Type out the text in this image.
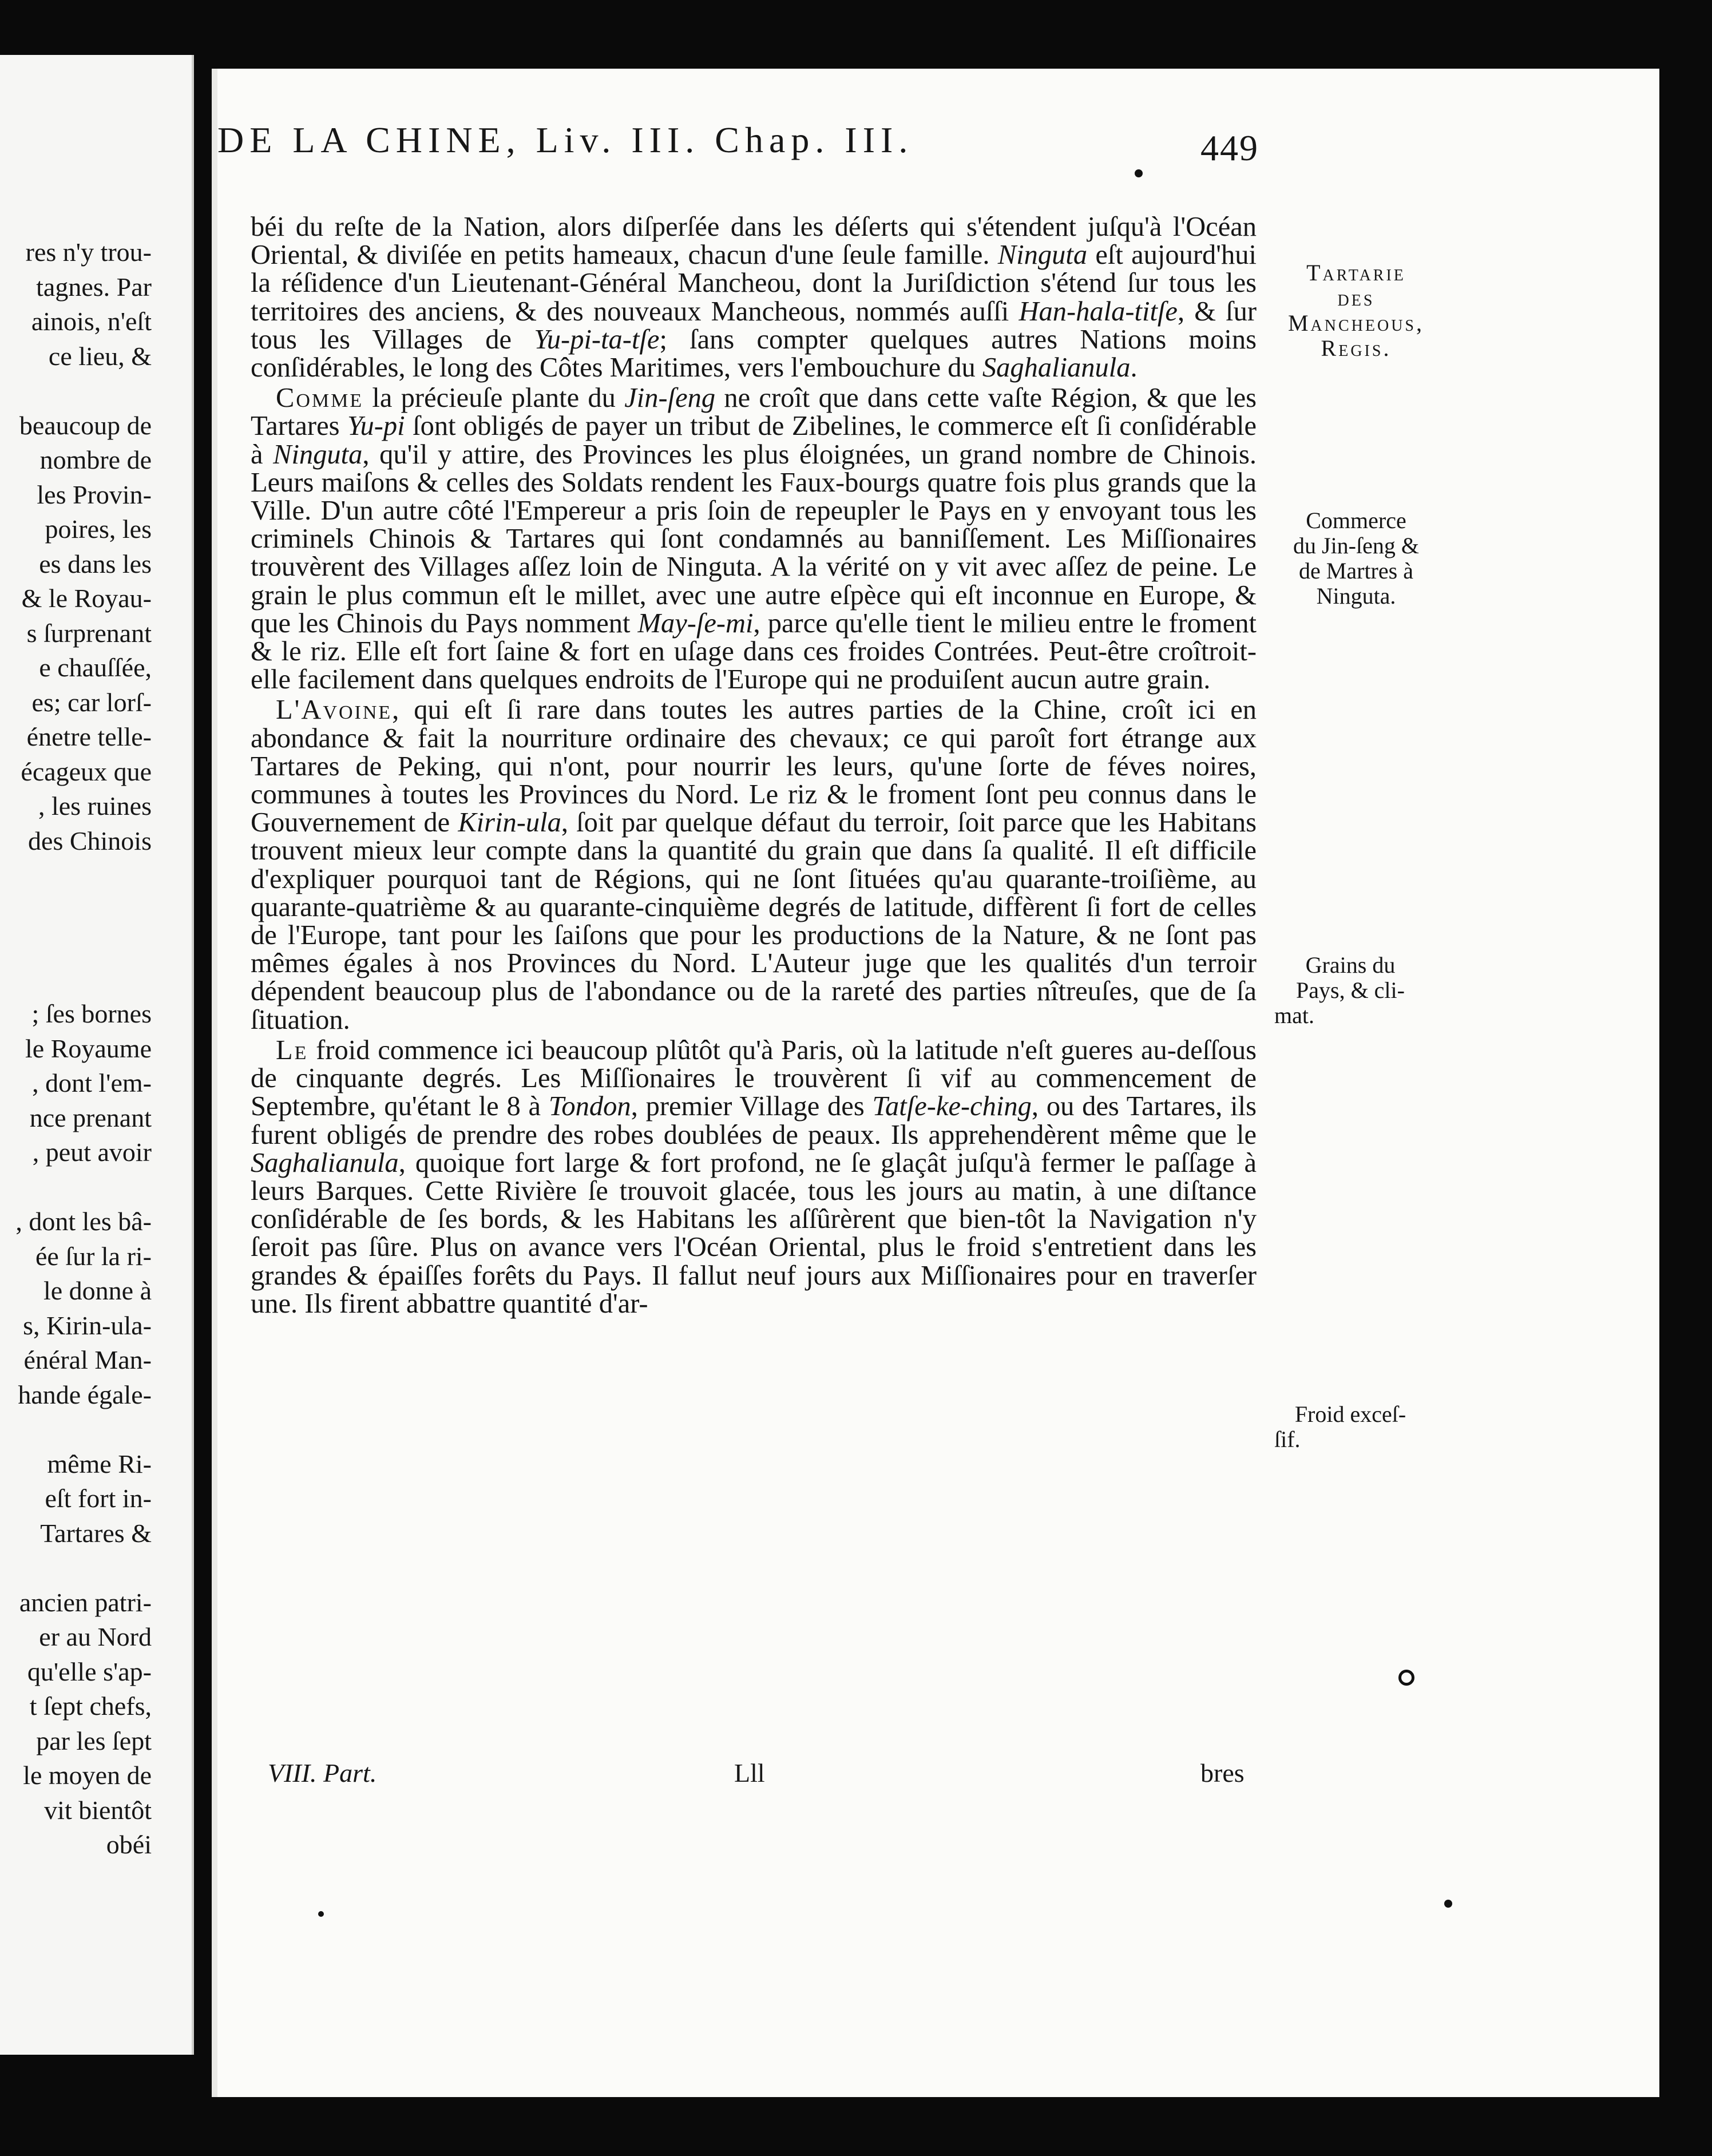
res n'y trou-
tagnes. Par
ainois, n'eſt
ce lieu, &
beaucoup de
nombre de
les Provin-
poires, les
es dans les
& le Royau-
s ſurprenant
e chauſſée,
es; car lorſ-
énetre telle-
écageux que
, les ruines
des Chinois
; ſes bornes
le Royaume
, dont l'em-
nce prenant
, peut avoir
, dont les bâ-
ée ſur la ri-
le donne à
s, Kirin-ula-
énéral Man-
hande égale-
même Ri-
eſt fort in-
Tartares &
ancien patri-
er au Nord
qu'elle s'ap-
t ſept chefs,
par les ſept
le moyen de
vit bientôt
obéi
DE LA CHINE, Liv. III. Chap. III.	449

béi du reſte de la Nation, alors diſperſée dans les déſerts qui s'étendent juſqu'à l'Océan Oriental, & diviſée en petits hameaux, chacun d'une ſeule famille. Ninguta eſt aujourd'hui la réſidence d'un Lieutenant-Général Mancheou, dont la Juriſdiction s'étend ſur tous les territoires des anciens, & des nouveaux Mancheous, nommés auſſi Han-hala-titſe, & ſur tous les Villages de Yu-pi-ta-tſe; ſans compter quelques autres Nations moins conſidérables, le long des Côtes Maritimes, vers l'embouchure du Saghalianula.

Comme la précieuſe plante du Jin-ſeng ne croît que dans cette vaſte Région, & que les Tartares Yu-pi ſont obligés de payer un tribut de Zibelines, le commerce eſt ſi conſidérable à Ninguta, qu'il y attire, des Provinces les plus éloignées, un grand nombre de Chinois. Leurs maiſons & celles des Soldats rendent les Faux-bourgs quatre fois plus grands que la Ville. D'un autre côté l'Empereur a pris ſoin de repeupler le Pays en y envoyant tous les criminels Chinois & Tartares qui ſont condamnés au banniſſement. Les Miſſionaires trouvèrent des Villages aſſez loin de Ninguta. A la vérité on y vit avec aſſez de peine. Le grain le plus commun eſt le millet, avec une autre eſpèce qui eſt inconnue en Europe, & que les Chinois du Pays nomment May-ſe-mi, parce qu'elle tient le milieu entre le froment & le riz. Elle eſt fort ſaine & fort en uſage dans ces froides Contrées. Peut-être croîtroit-elle facilement dans quelques endroits de l'Europe qui ne produiſent aucun autre grain.

L'Avoine, qui eſt ſi rare dans toutes les autres parties de la Chine, croît ici en abondance & fait la nourriture ordinaire des chevaux; ce qui paroît fort étrange aux Tartares de Peking, qui n'ont, pour nourrir les leurs, qu'une ſorte de féves noires, communes à toutes les Provinces du Nord. Le riz & le froment ſont peu connus dans le Gouvernement de Kirin-ula, ſoit par quelque défaut du terroir, ſoit parce que les Habitans trouvent mieux leur compte dans la quantité du grain que dans ſa qualité. Il eſt difficile d'expliquer pourquoi tant de Régions, qui ne ſont ſituées qu'au quarante-troiſième, au quarante-quatrième & au quarante-cinquième degrés de latitude, diffèrent ſi fort de celles de l'Europe, tant pour les ſaiſons que pour les productions de la Nature, & ne ſont pas mêmes égales à nos Provinces du Nord. L'Auteur juge que les qualités d'un terroir dépendent beaucoup plus de l'abondance ou de la rareté des parties nîtreuſes, que de ſa ſituation.

Le froid commence ici beaucoup plûtôt qu'à Paris, où la latitude n'eſt gueres au-deſſous de cinquante degrés. Les Miſſionaires le trouvèrent ſi vif au commencement de Septembre, qu'étant le 8 à Tondon, premier Village des Tatſe-ke-ching, ou des Tartares, ils furent obligés de prendre des robes doublées de peaux. Ils apprehendèrent même que le Saghalianula, quoique fort large & fort profond, ne ſe glaçât juſqu'à fermer le paſſage à leurs Barques. Cette Rivière ſe trouvoit glacée, tous les jours au matin, à une diſtance conſidérable de ſes bords, & les Habitans les aſſûrèrent que bien-tôt la Navigation n'y ſeroit pas ſûre. Plus on avance vers l'Océan Oriental, plus le froid s'entretient dans les grandes & épaiſſes forêts du Pays. Il fallut neuf jours aux Miſſionaires pour en traverſer une. Ils firent abbattre quantité d'ar-

VIII. Part.	Lll	bres
Tartarie
des
Mancheous,
Regis.
Commerce
du Jin-ſeng &
de Martres à
Ninguta.
Grains du
Pays, & cli-
mat.
Froid exceſ-
ſif.
